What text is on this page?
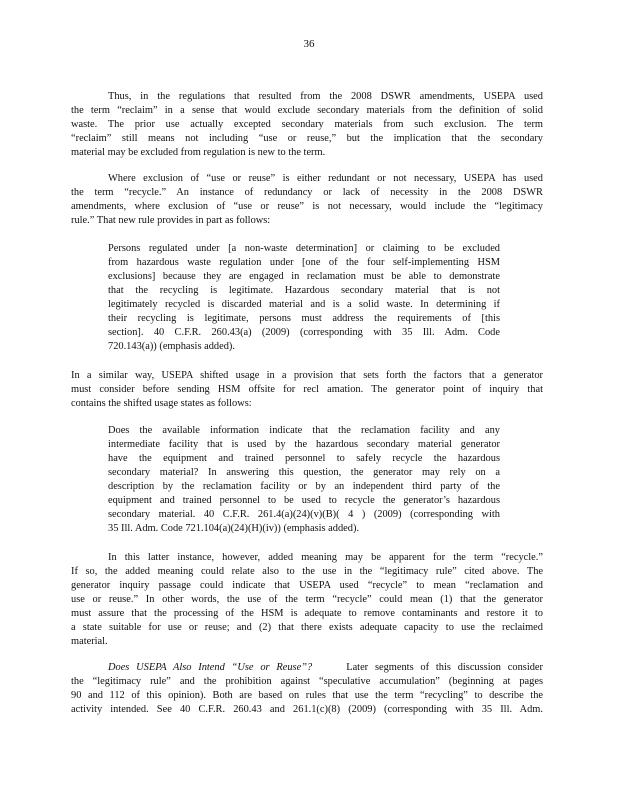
36
Thus, in the regulations that resulted from the 2008 DSWR amendments, USEPA used
the term “reclaim” in a sense that would exclude secondary materials from the definition of solid
waste. The prior use actually excepted secondary materials from such exclusion. The term
“reclaim” still means not including “use or reuse,” but the implication that the secondary
material may be excluded from regulation is new to the term.
Where exclusion of “use or reuse” is either redundant or not necessary, USEPA has used
the term “recycle.” An instance of redundancy or lack of necessity in the 2008 DSWR
amendments, where exclusion of “use or reuse” is not necessary, would include the “legitimacy
rule.” That new rule provides in part as follows:
Persons regulated under [a non-waste determination] or claiming to be excluded
from hazardous waste regulation under [one of the four self-implementing HSM
exclusions] because they are engaged in reclamation must be able to demonstrate
that the recycling is legitimate. Hazardous secondary material that is not
legitimately recycled is discarded material and is a solid waste. In determining if
their recycling is legitimate, persons must address the requirements of [this
section]. 40 C.F.R. 260.43(a) (2009) (corresponding with 35 Ill. Adm. Code
720.143(a)) (emphasis added).
In a similar way, USEPA shifted usage in a provision that sets forth the factors that a generator
must consider before sending HSM offsite for recl amation. The generator point of inquiry that
contains the shifted usage states as follows:
Does the available information indicate that the reclamation facility and any
intermediate facility that is used by the hazardous secondary material generator
have the equipment and trained personnel to safely recycle the hazardous
secondary material? In answering this question, the generator may rely on a
description by the reclamation facility or by an independent third party of the
equipment and trained personnel to be used to recycle the generator’s hazardous
secondary material. 40 C.F.R. 261.4(a)(24)(v)(B)( 4 ) (2009) (corresponding with
35 Ill. Adm. Code 721.104(a)(24)(H)(iv)) (emphasis added).
In this latter instance, however, added meaning may be apparent for the term “recycle.”
If so, the added meaning could relate also to the use in the “legitimacy rule” cited above. The
generator inquiry passage could indicate that USEPA used “recycle” to mean “reclamation and
use or reuse.” In other words, the use of the term “recycle” could mean (1) that the generator
must assure that the processing of the HSM is adequate to remove contaminants and restore it to
a state suitable for use or reuse; and (2) that there exists adequate capacity to use the reclaimed
material.
Does USEPA Also Intend “Use or Reuse”?	Later segments of this discussion consider
the “legitimacy rule” and the prohibition against “speculative accumulation” (beginning at pages
90 and 112 of this opinion). Both are based on rules that use the term “recycling” to describe the
activity intended. See 40 C.F.R. 260.43 and 261.1(c)(8) (2009) (corresponding with 35 Ill. Adm.
